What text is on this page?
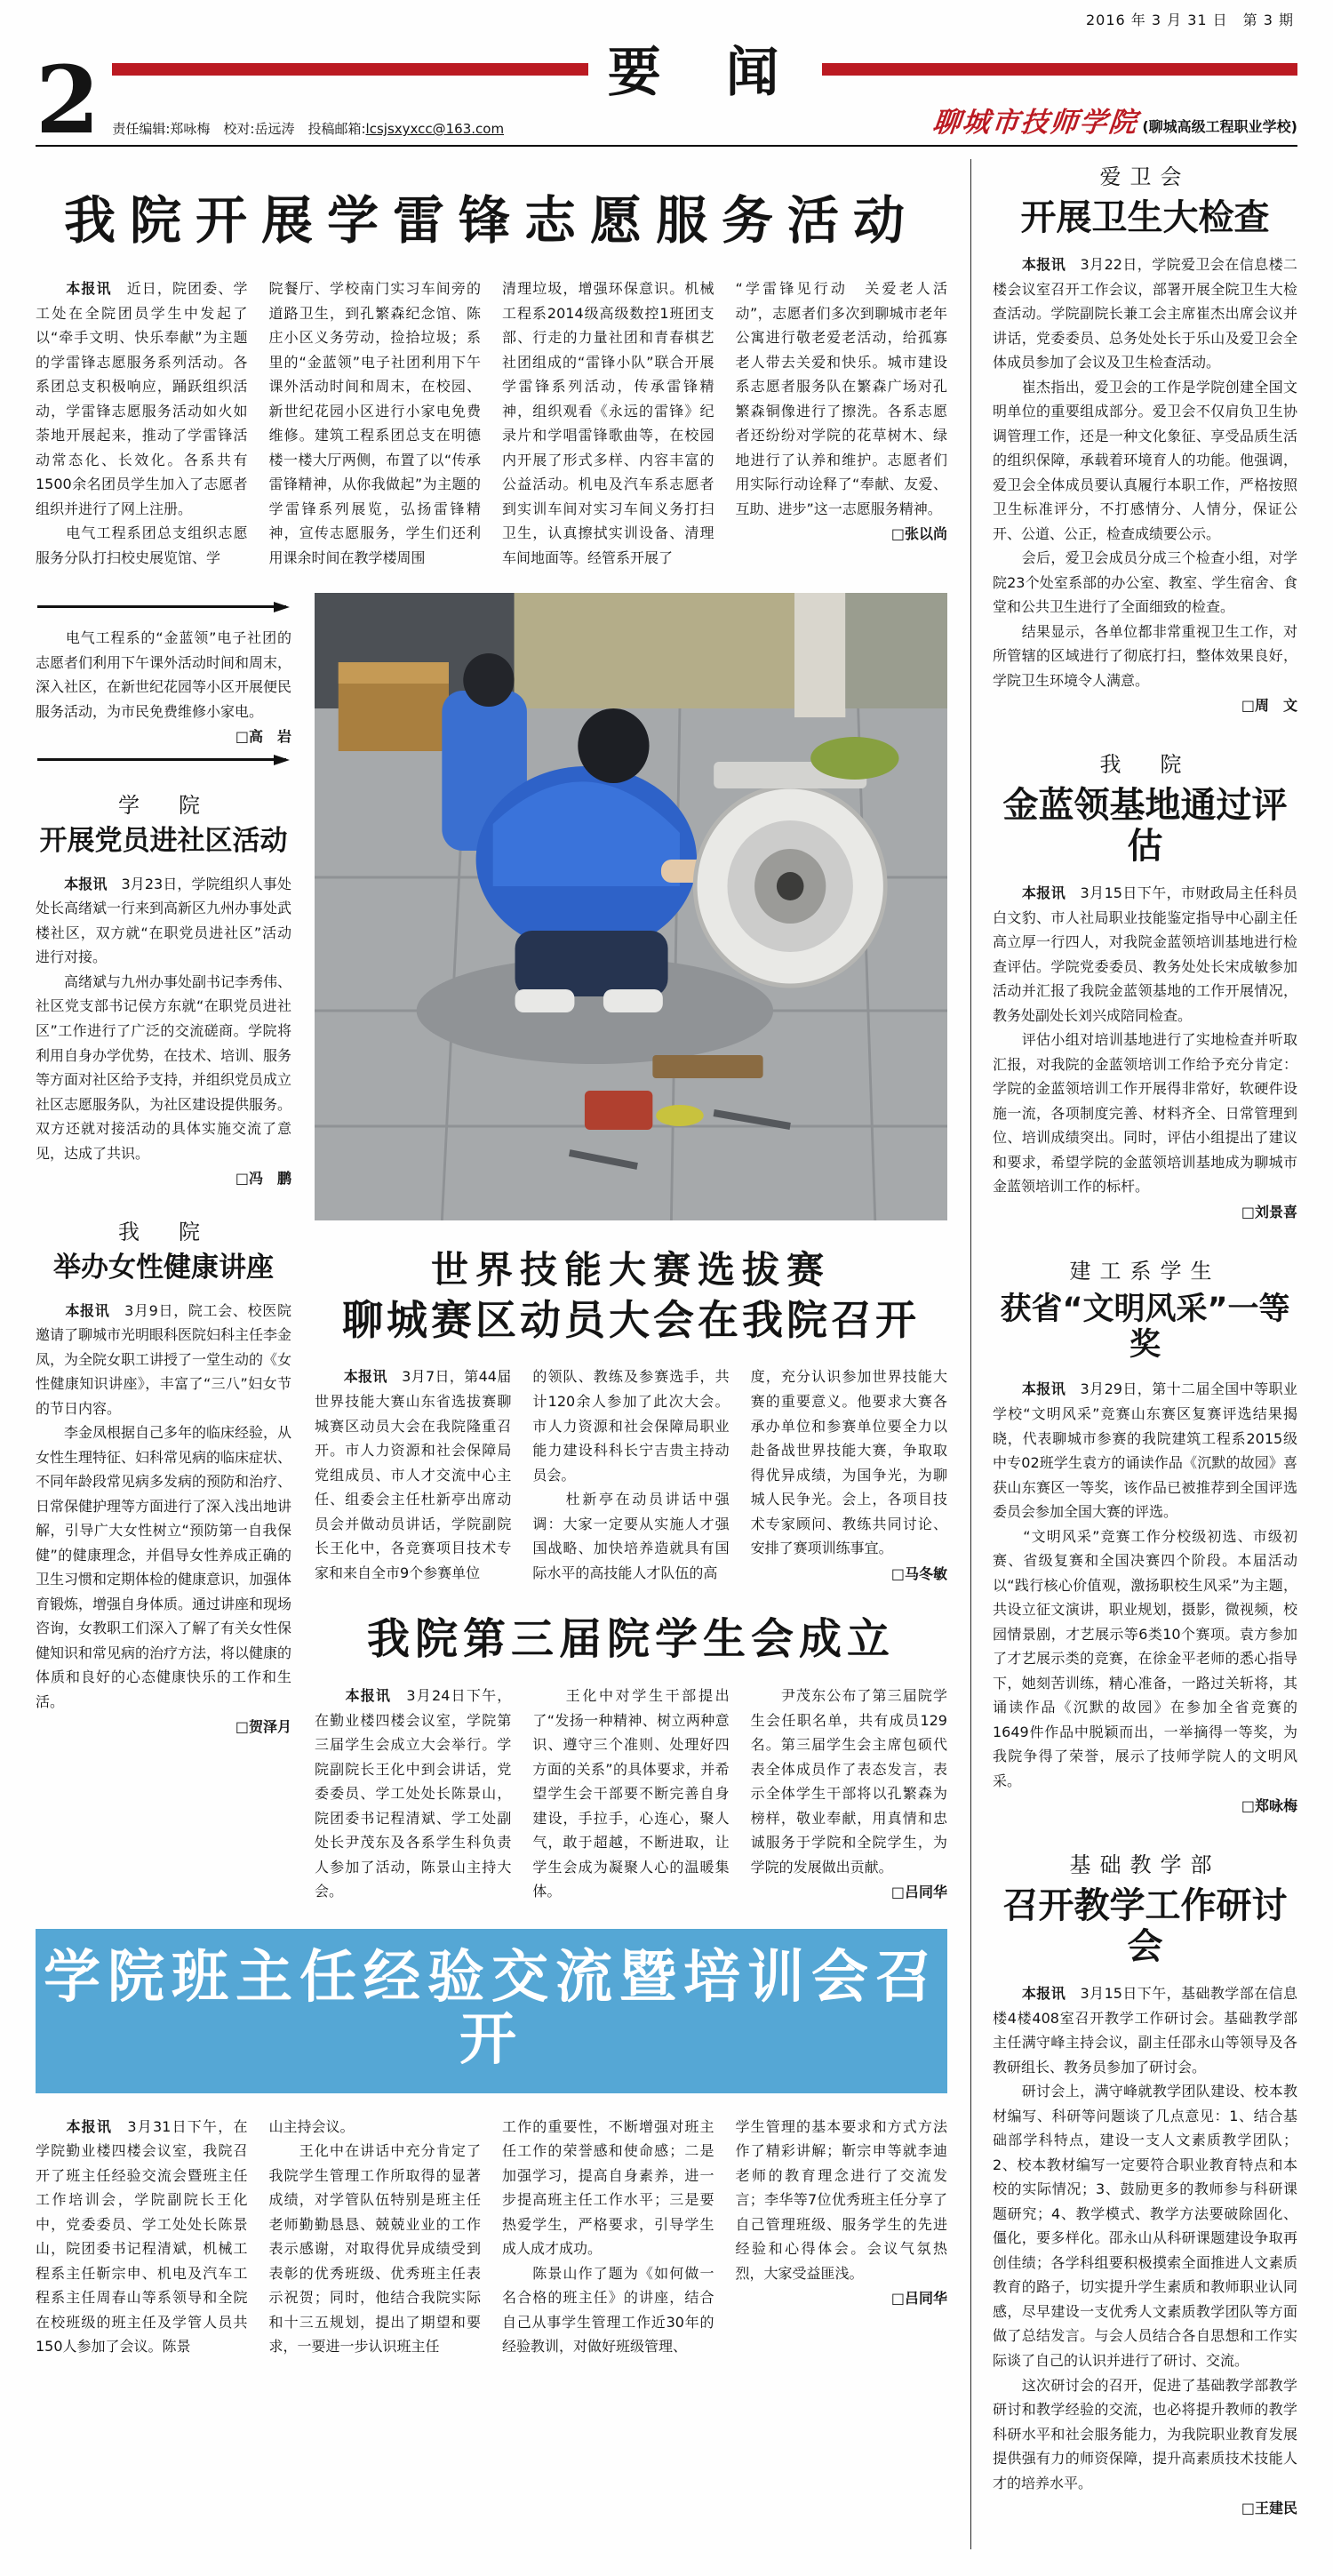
2
2016 年 3 月 31 日　第 3 期
要 闻
责任编辑:郑咏梅　校对:岳远涛　投稿邮箱:lcsjsxyxcc@163.com	聊城市技师学院 (聊城高级工程职业学校)
我院开展学雷锋志愿服务活动

　　本报讯　近日，院团委、学工处在全院团员学生中发起了以“牵手文明、快乐奉献”为主题的学雷锋志愿服务系列活动。各系团总支积极响应，踊跃组织活动，学雷锋志愿服务活动如火如荼地开展起来，推动了学雷锋活动常态化、长效化。各系共有1500余名团员学生加入了志愿者组织并进行了网上注册。

　　电气工程系团总支组织志愿服务分队打扫校史展览馆、学

院餐厅、学校南门实习车间旁的道路卫生，到孔繁森纪念馆、陈庄小区义务劳动，捡拾垃圾；系里的“金蓝领”电子社团利用下午课外活动时间和周末，在校园、新世纪花园小区进行小家电免费维修。建筑工程系团总支在明德楼一楼大厅两侧，布置了以“传承雷锋精神，从你我做起”为主题的学雷锋系列展览，弘扬雷锋精神，宣传志愿服务，学生们还利用课余时间在教学楼周围

清理垃圾，增强环保意识。机械工程系2014级高级数控1班团支部、行走的力量社团和青春棋艺社团组成的“雷锋小队”联合开展学雷锋系列活动，传承雷锋精神，组织观看《永远的雷锋》纪录片和学唱雷锋歌曲等，在校园内开展了形式多样、内容丰富的公益活动。机电及汽车系志愿者到实训车间对实习车间义务打扫卫生，认真擦拭实训设备、清理车间地面等。经管系开展了

“学雷锋见行动　关爱老人活动”，志愿者们多次到聊城市老年公寓进行敬老爱老活动，给孤寡老人带去关爱和快乐。城市建设系志愿者服务队在繁森广场对孔繁森铜像进行了擦洗。各系志愿者还纷纷对学院的花草树木、绿地进行了认养和维护。志愿者们用实际行动诠释了“奉献、友爱、互助、进步”这一志愿服务精神。

□张以尚

　　电气工程系的“金蓝领”电子社团的志愿者们利用下午课外活动时间和周末，深入社区，在新世纪花园等小区开展便民服务活动，为市民免费维修小家电。

□高　岩
学　院
开展党员进社区活动

　　本报讯　3月23日，学院组织人事处处长高绪斌一行来到高新区九州办事处武楼社区，双方就“在职党员进社区”活动进行对接。

　　高绪斌与九州办事处副书记李秀伟、社区党支部书记侯方东就“在职党员进社区”工作进行了广泛的交流磋商。学院将利用自身办学优势，在技术、培训、服务等方面对社区给予支持，并组织党员成立社区志愿服务队，为社区建设提供服务。双方还就对接活动的具体实施交流了意见，达成了共识。

□冯　鹏
我　院
举办女性健康讲座

　　本报讯　3月9日，院工会、校医院邀请了聊城市光明眼科医院妇科主任李金凤，为全院女职工讲授了一堂生动的《女性健康知识讲座》，丰富了“三八”妇女节的节日内容。

　　李金凤根据自己多年的临床经验，从女性生理特征、妇科常见病的临床症状、不同年龄段常见病多发病的预防和治疗、日常保健护理等方面进行了深入浅出地讲解，引导广大女性树立“预防第一自我保健”的健康理念，并倡导女性养成正确的卫生习惯和定期体检的健康意识，加强体育锻炼，增强自身体质。通过讲座和现场咨询，女教职工们深入了解了有关女性保健知识和常见病的治疗方法，将以健康的体质和良好的心态健康快乐的工作和生活。

□贺泽月
世界技能大赛选拔赛
聊城赛区动员大会在我院召开

　　本报讯　3月7日，第44届世界技能大赛山东省选拔赛聊城赛区动员大会在我院隆重召开。市人力资源和社会保障局党组成员、市人才交流中心主任、组委会主任杜新亭出席动员会并做动员讲话，学院副院长王化中，各竞赛项目技术专家和来自全市9个参赛单位

的领队、教练及参赛选手，共计120余人参加了此次大会。市人力资源和社会保障局职业能力建设科科长宁吉贵主持动员会。

　　杜新亭在动员讲话中强调：大家一定要从实施人才强国战略、加快培养造就具有国际水平的高技能人才队伍的高

度，充分认识参加世界技能大赛的重要意义。他要求大赛各承办单位和参赛单位要全力以赴备战世界技能大赛，争取取得优异成绩，为国争光，为聊城人民争光。会上，各项目技术专家顾问、教练共同讨论、安排了赛项训练事宜。

□马冬敏
我院第三届院学生会成立

　　本报讯　3月24日下午，在勤业楼四楼会议室，学院第三届学生会成立大会举行。学院副院长王化中到会讲话，党委委员、学工处处长陈景山，院团委书记程清斌、学工处副处长尹茂东及各系学生科负责人参加了活动，陈景山主持大会。

　　王化中对学生干部提出了“发扬一种精神、树立两种意识、遵守三个准则、处理好四方面的关系”的具体要求，并希望学生会干部要不断完善自身建设，手拉手，心连心，聚人气，敢于超越，不断进取，让学生会成为凝聚人心的温暖集体。

　　尹茂东公布了第三届院学生会任职名单，共有成员129名。第三届学生会主席包硕代表全体成员作了表态发言，表示全体学生干部将以孔繁森为榜样，敬业奉献，用真情和忠诚服务于学院和全院学生，为学院的发展做出贡献。

□吕同华
学院班主任经验交流暨培训会召开

　　本报讯　3月31日下午，在学院勤业楼四楼会议室，我院召开了班主任经验交流会暨班主任工作培训会，学院副院长王化中，党委委员、学工处处长陈景山，院团委书记程清斌，机械工程系主任靳宗申、机电及汽车工程系主任周春山等系领导和全院在校班级的班主任及学管人员共150人参加了会议。陈景

山主持会议。

　　王化中在讲话中充分肯定了我院学生管理工作所取得的显著成绩，对学管队伍特别是班主任老师勤勤恳恳、兢兢业业的工作表示感谢，对取得优异成绩受到表彰的优秀班级、优秀班主任表示祝贺；同时，他结合我院实际和十三五规划，提出了期望和要求，一要进一步认识班主任

工作的重要性，不断增强对班主任工作的荣誉感和使命感；二是加强学习，提高自身素养，进一步提高班主任工作水平；三是要热爱学生，严格要求，引导学生成人成才成功。

　　陈景山作了题为《如何做一名合格的班主任》的讲座，结合自己从事学生管理工作近30年的经验教训，对做好班级管理、

学生管理的基本要求和方式方法作了精彩讲解；靳宗申等就李迪老师的教育理念进行了交流发言；李华等7位优秀班主任分享了自己管理班级、服务学生的先进经验和心得体会。会议气氛热烈，大家受益匪浅。

□吕同华
爱卫会
开展卫生大检查

　　本报讯　3月22日，学院爱卫会在信息楼二楼会议室召开工作会议，部署开展全院卫生大检查活动。学院副院长兼工会主席崔杰出席会议并讲话，党委委员、总务处处长于乐山及爱卫会全体成员参加了会议及卫生检查活动。

　　崔杰指出，爱卫会的工作是学院创建全国文明单位的重要组成部分。爱卫会不仅肩负卫生协调管理工作，还是一种文化象征、享受品质生活的组织保障，承载着环境育人的功能。他强调，爱卫会全体成员要认真履行本职工作，严格按照卫生标准评分，不打感情分、人情分，保证公开、公道、公正，检查成绩要公示。

　　会后，爱卫会成员分成三个检查小组，对学院23个处室系部的办公室、教室、学生宿舍、食堂和公共卫生进行了全面细致的检查。

　　结果显示，各单位都非常重视卫生工作，对所管辖的区域进行了彻底打扫，整体效果良好，学院卫生环境令人满意。

□周　文
我　院
金蓝领基地通过评估

　　本报讯　3月15日下午，市财政局主任科员白文豹、市人社局职业技能鉴定指导中心副主任高立厚一行四人，对我院金蓝领培训基地进行检查评估。学院党委委员、教务处处长宋成敏参加活动并汇报了我院金蓝领基地的工作开展情况，教务处副处长刘兴成陪同检查。

　　评估小组对培训基地进行了实地检查并听取汇报，对我院的金蓝领培训工作给予充分肯定：学院的金蓝领培训工作开展得非常好，软硬件设施一流，各项制度完善、材料齐全、日常管理到位、培训成绩突出。同时，评估小组提出了建议和要求，希望学院的金蓝领培训基地成为聊城市金蓝领培训工作的标杆。

□刘景喜
建工系学生
获省“文明风采”一等奖

　　本报讯　3月29日，第十二届全国中等职业学校“文明风采”竞赛山东赛区复赛评选结果揭晓，代表聊城市参赛的我院建筑工程系2015级中专02班学生袁方的诵读作品《沉默的故园》喜获山东赛区一等奖，该作品已被推荐到全国评选委员会参加全国大赛的评选。

　　“文明风采”竞赛工作分校级初选、市级初赛、省级复赛和全国决赛四个阶段。本届活动以“践行核心价值观，激扬职校生风采”为主题，共设立征文演讲，职业规划，摄影，微视频，校园情景剧，才艺展示等6类10个赛项。袁方参加了才艺展示类的竞赛，在徐金平老师的悉心指导下，她刻苦训练，精心准备，一路过关斩将，其诵读作品《沉默的故园》在参加全省竞赛的1649件作品中脱颖而出，一举摘得一等奖，为我院争得了荣誉，展示了技师学院人的文明风采。

□郑咏梅
基础教学部
召开教学工作研讨会

　　本报讯　3月15日下午，基础教学部在信息楼4楼408室召开教学工作研讨会。基础教学部主任满守峰主持会议，副主任邵永山等领导及各教研组长、教务员参加了研讨会。

　　研讨会上，满守峰就教学团队建设、校本教材编写、科研等问题谈了几点意见：1、结合基础部学科特点，建设一支人文素质教学团队；2、校本教材编写一定要符合职业教育特点和本校的实际情况；3、鼓励更多的教师参与科研课题研究；4、教学模式、教学方法要破除固化、僵化，要多样化。邵永山从科研课题建设争取再创佳绩；各学科组要积极摸索全面推进人文素质教育的路子，切实提升学生素质和教师职业认同感，尽早建设一支优秀人文素质教学团队等方面做了总结发言。与会人员结合各自思想和工作实际谈了自己的认识并进行了研讨、交流。

　　这次研讨会的召开，促进了基础教学部教学研讨和教学经验的交流，也必将提升教师的教学科研水平和社会服务能力，为我院职业教育发展提供强有力的师资保障，提升高素质技术技能人才的培养水平。

□王建民
